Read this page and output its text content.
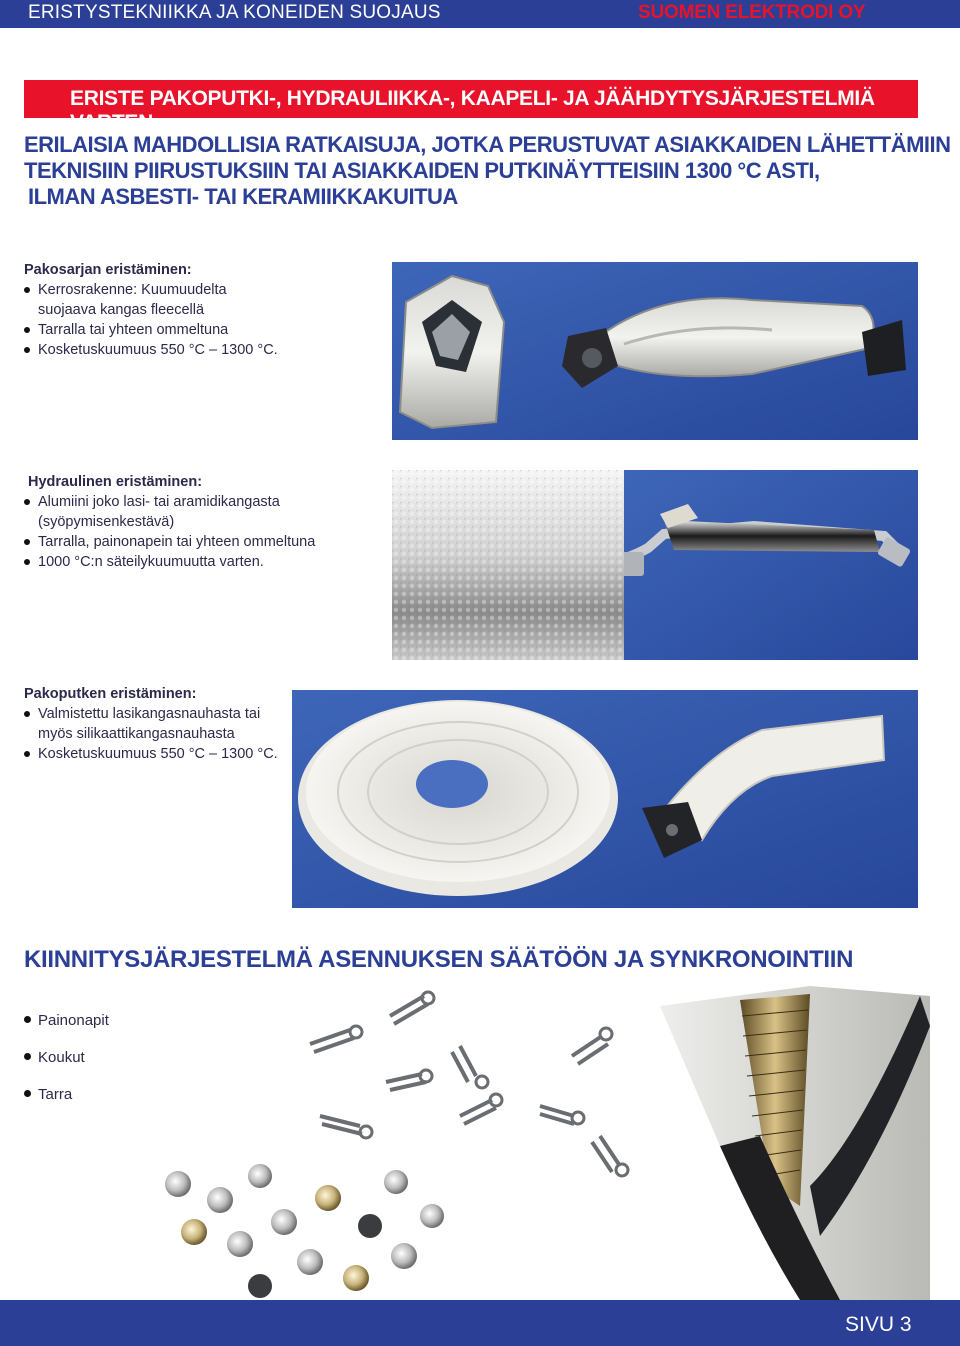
ERISTYSTEKNIIKKA JA KONEIDEN SUOJAUS	SUOMEN ELEKTRODI OY
ERISTE PAKOPUTKI-, HYDRAULIIKKA-, KAAPELI- JA JÄÄHDYTYSJÄRJESTELMIÄ VARTEN
ERILAISIA MAHDOLLISIA RATKAISUJA, JOTKA PERUSTUVAT ASIAKKAIDEN LÄHETTÄMIIN
TEKNISIIN PIIRUSTUKSIIN TAI ASIAKKAIDEN PUTKINÄYTTEISIIN 1300 °C ASTI,
ILMAN ASBESTI- TAI KERAMIIKKAKUITUA
Pakosarjan eristäminen:
Kerrosrakenne: Kuumuudelta
suojaava kangas fleecellä
Tarralla tai yhteen ommeltuna
Kosketuskuumuus 550 °C – 1300 °C.
Hydraulinen eristäminen:
Alumiini joko lasi- tai aramidikangasta
(syöpymisenkestävä)
Tarralla, painonapein tai yhteen ommeltuna
1000 °C:n säteilykuumuutta varten.
Pakoputken eristäminen:
Valmistettu lasikangasnauhasta tai
myös silikaattikangasnauhasta
Kosketuskuumuus 550 °C – 1300 °C.
KIINNITYSJÄRJESTELMÄ ASENNUKSEN SÄÄTÖÖN JA SYNKRONOINTIIN
Painonapit
Koukut
Tarra
SIVU 3
